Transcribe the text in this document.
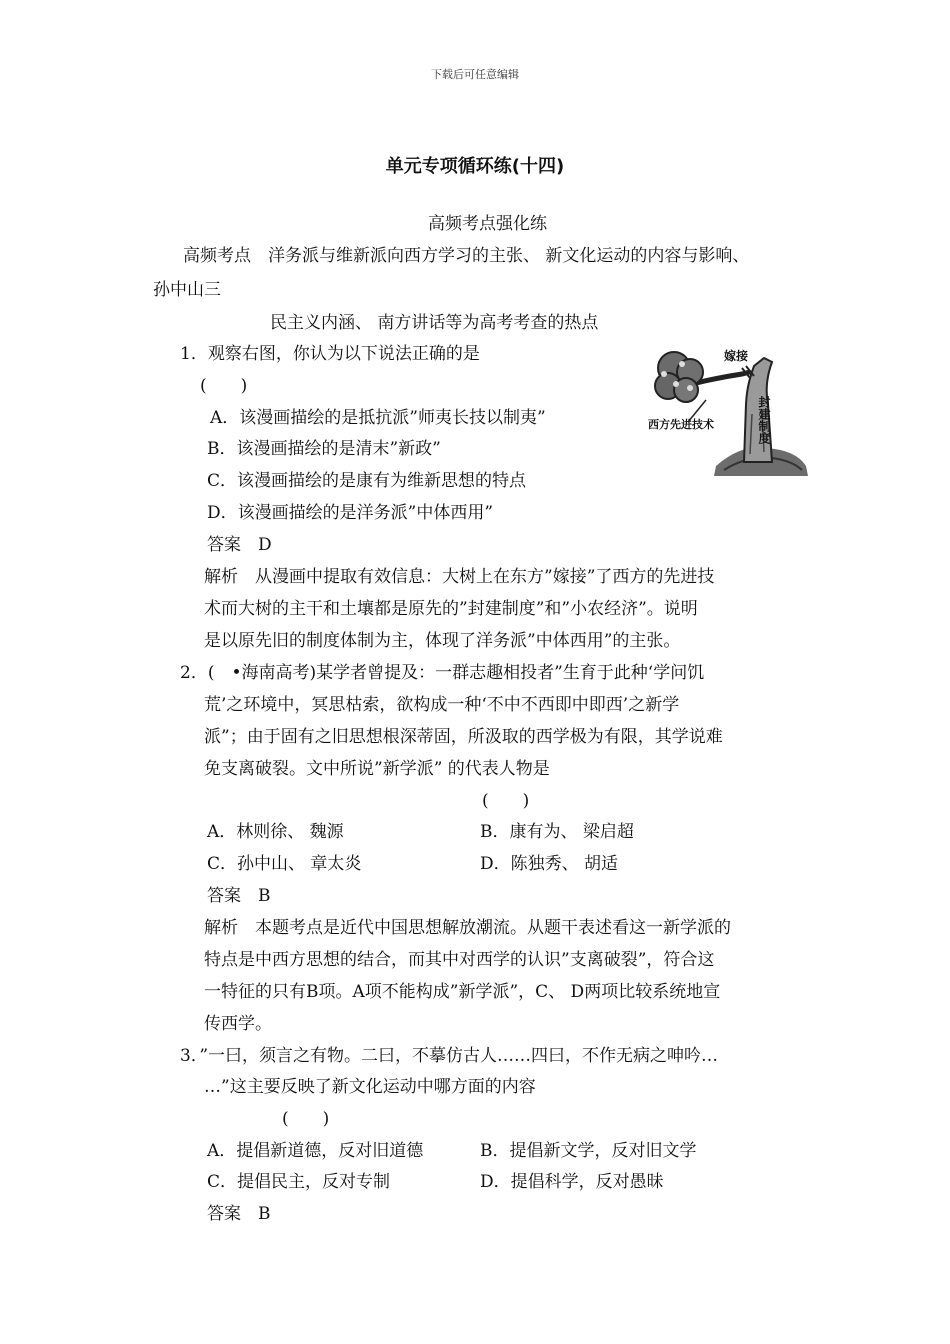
下载后可任意编辑
单元专项循环练(十四)
高频考点强化练
高频考点　洋务派与维新派向西方学习的主张、 新文化运动的内容与影响、
孙中山三
民主义内涵、 南方讲话等为高考考查的热点
1．观察右图，你认为以下说法正确的是
(　　)
A．该漫画描绘的是抵抗派”师夷长技以制夷”
B．该漫画描绘的是清末”新政”
C．该漫画描绘的是康有为维新思想的特点
D．该漫画描绘的是洋务派”中体西用”
答案　D
解析　从漫画中提取有效信息：大树上在东方”嫁接”了西方的先进技
术而大树的主干和土壤都是原先的”封建制度”和”小农经济”。说明
是以原先旧的制度体制为主，体现了洋务派”中体西用”的主张。
嫁接
西方先进技术	封建制度
2．(　•海南高考)某学者曾提及：一群志趣相投者”生育于此种‘学问饥
荒’之环境中，冥思枯索，欲构成一种‘不中不西即中即西’之新学
派”；由于固有之旧思想根深蒂固，所汲取的西学极为有限，其学说难
免支离破裂。文中所说”新学派” 的代表人物是
(　　)
A．林则徐、 魏源	B．康有为、 梁启超
C．孙中山、 章太炎	D．陈独秀、 胡适
答案　B
解析　本题考点是近代中国思想解放潮流。从题干表述看这一新学派的
特点是中西方思想的结合，而其中对西学的认识”支离破裂”，符合这
一特征的只有B项。A项不能构成”新学派”，C、 D两项比较系统地宣
传西学。
3．”一曰，须言之有物。二曰，不摹仿古人……四曰，不作无病之呻吟…
…”这主要反映了新文化运动中哪方面的内容
(　　)
A．提倡新道德，反对旧道德	B．提倡新文学，反对旧文学
C．提倡民主，反对专制	D．提倡科学，反对愚昧
答案　B
